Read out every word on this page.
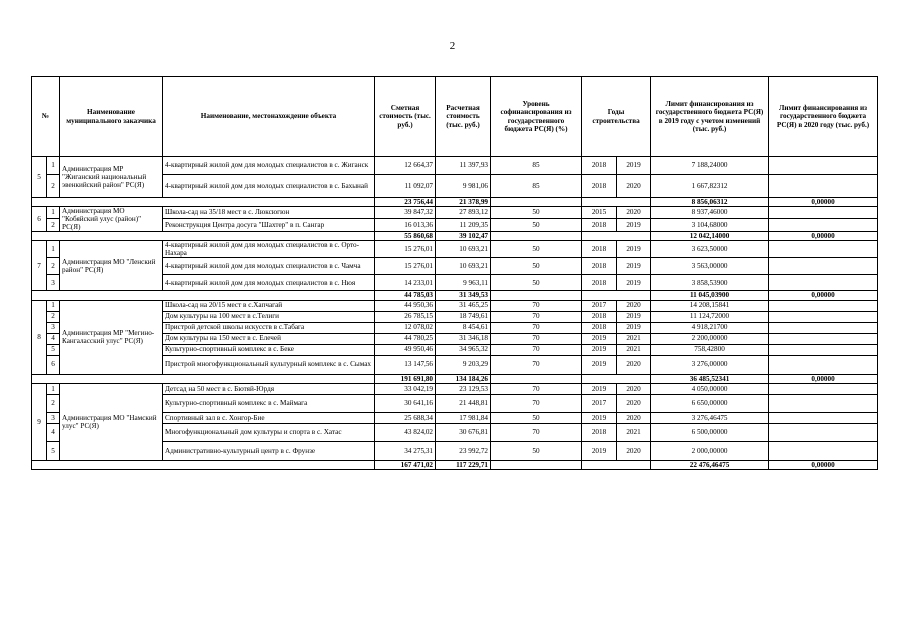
2
№		Наименование муниципального заказчика	Наименование, местонахождение объекта	Сметная стоимость (тыс. руб.)	Расчетная стоимость (тыс. руб.)	Уровень софинансирования из государственного бюджета РС(Я) (%)	Годы строительства		Лимит финансирования из государственного бюджета РС(Я) в 2019 году с учетом изменений (тыс. руб.)	Лимит финансирования из государственного бюджета РС(Я) в 2020 году (тыс. руб.)
5	1	Администрация МР "Жиганский национальный эвенкийский район" РС(Я)	4-квартирный жилой дом для молодых специалистов в с. Жиганск	12 664,37	11 397,93	85	2018	2019	7 188,24000	
	2		4-квартирный жилой дом для молодых специалистов в с. Бахынай	11 092,07	9 981,06	85	2018	2020	1 667,82312	
				23 756,44	21 378,99				8 856,06312	0,00000
6	1	Администрация МО "Кобяйский улус (район)" РС(Я)	Школа-сад на 35/18 мест в с. Люксюгюн	39 847,32	27 893,12	50	2015	2020	8 937,46000	
	2		Реконструкция Центра досуга "Шахтер" в п. Сангар	16 013,36	11 209,35	50	2018	2019	3 104,68000	
				55 860,68	39 102,47				12 042,14000	0,00000
7	1	Администрация МО "Ленский район" РС(Я)	4-квартирный жилой дом для молодых специалистов в с. Орто-Нахара	15 276,01	10 693,21	50	2018	2019	3 623,50000	
	2		4-квартирный жилой дом для молодых специалистов в с. Чамча	15 276,01	10 693,21	50	2018	2019	3 563,00000	
	3		4-квартирный жилой дом для молодых специалистов в с. Нюя	14 233,01	9 963,11	50	2018	2019	3 858,53900	
				44 785,03	31 349,53				11 045,03900	0,00000
8	1	Администрация МР "Мегино-Кангаласский улус" РС(Я)	Школа-сад на 20/15 мест в с.Хапчагай	44 950,36	31 465,25	70	2017	2020	14 208,15841	
	2		Дом культуры на 100 мест в с.Телиги	26 785,15	18 749,61	70	2018	2019	11 124,72000	
	3		Пристрой детской школы искусств в с.Табага	12 078,02	8 454,61	70	2018	2019	4 918,21700	
	4		Дом культуры на 150 мест в с. Елечей	44 780,25	31 346,18	70	2019	2021	2 200,00000	
	5		Культурно-спортивный комплекс в с. Беке	49 950,46	34 965,32	70	2019	2021	758,42800	
	6		Пристрой многофункциональный культурный комплекс в с. Сымах	13 147,56	9 203,29	70	2019	2020	3 276,00000	
				191 691,80	134 184,26				36 485,52341	0,00000
9	1	Администрация МО "Намский улус" РС(Я)	Детсад на 50 мест в с. Бютяй-Юрдя	33 042,19	23 129,53	70	2019	2020	4 050,00000	
	2		Культурно-спортивный комплекс в с. Маймага	30 641,16	21 448,81	70	2017	2020	6 650,00000	
	3		Спортивный зал в с. Хонгор-Бие	25 688,34	17 981,84	50	2019	2020	3 276,46475	
	4		Многофункциональный дом культуры и спорта в с. Хатас	43 824,02	30 676,81	70	2018	2021	6 500,00000	
	5		Административно-культурный центр в с. Фрунзе	34 275,31	23 992,72	50	2019	2020	2 000,00000	
				167 471,02	117 229,71				22 476,46475	0,00000
